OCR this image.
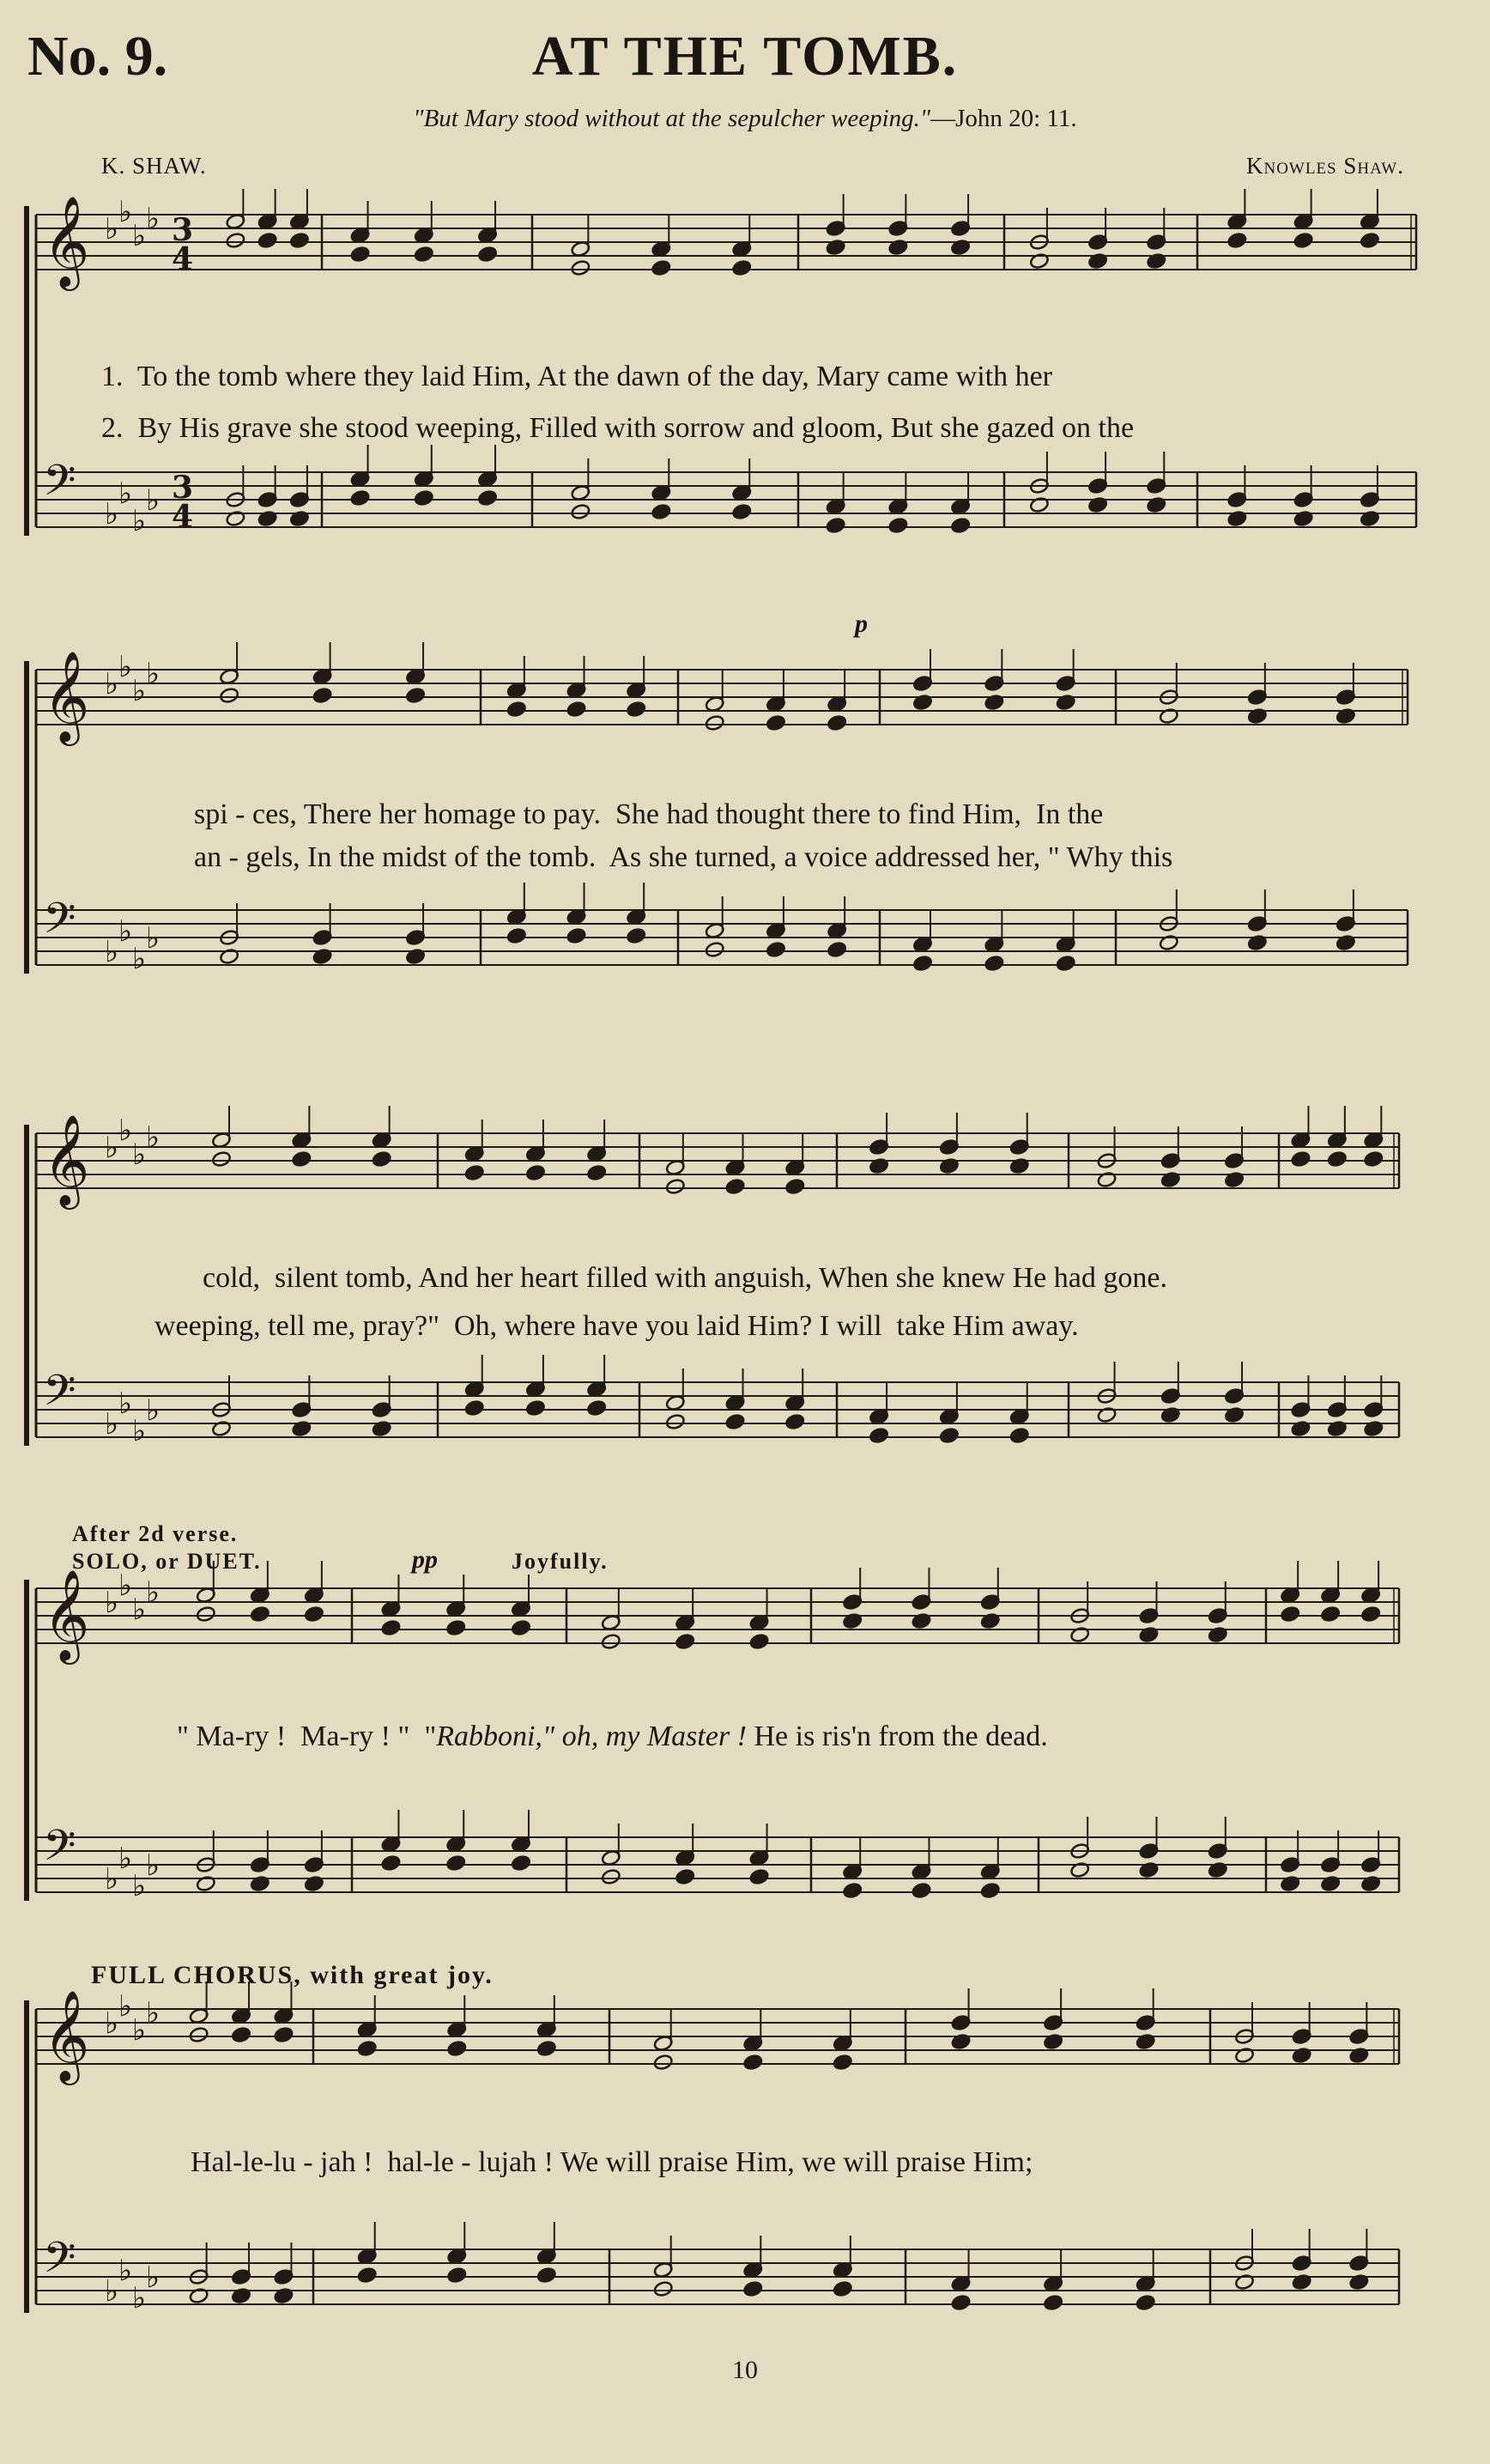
No. 9.	AT THE TOMB.
"But Mary stood without at the sepulcher weeping."—John 20: 11.
K. SHAW.	Knowles Shaw.
𝄞 ♭ ♭
♭ ♭ 3
4
𝄢 ♭
♭
♭
♭ 3
4
1.  To the tomb where they laid Him, At the dawn of the day, Mary came with her
2.  By His grave she stood weeping, Filled with sorrow and gloom, But she gazed on the
𝄞 ♭ ♭
♭ ♭
𝄢 ♭
♭
♭
♭
p
spi - ces, There her homage to pay.  She had thought there to find Him,  In the
an - gels, In the midst of the tomb.  As she turned, a voice addressed her, " Why this
𝄞 ♭ ♭
♭ ♭
𝄢 ♭
♭
♭
♭
cold,  silent tomb, And her heart filled with anguish, When she knew He had gone.
weeping, tell me, pray?"  Oh, where have you laid Him? I will  take Him away.
𝄞 ♭ ♭
♭ ♭
𝄢 ♭
♭
♭
♭
After 2d verse.
SOLO, or DUET.	pp	Joyfully.
" Ma-ry !  Ma-ry ! "  "Rabboni," oh, my Master ! He is ris'n from the dead.
𝄞 ♭ ♭
♭ ♭
𝄢 ♭
♭
♭
♭
FULL CHORUS, with great joy.
Hal-le-lu - jah !  hal-le - lujah ! We will praise Him, we will praise Him;
10
